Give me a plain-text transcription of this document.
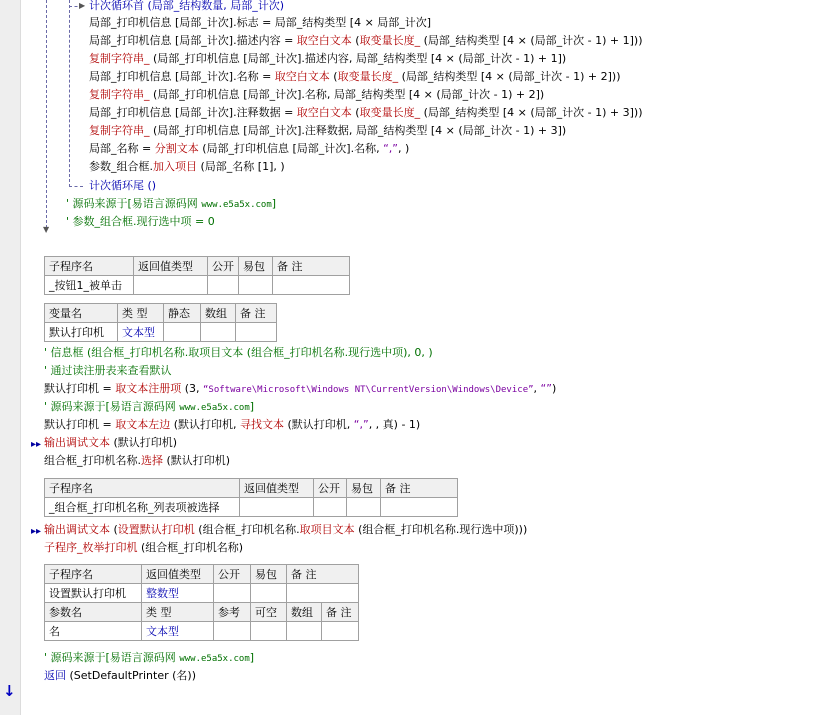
↓
▶
▼
计次循环首 (局部_结构数量, 局部_计次)
局部_打印机信息 [局部_计次].标志 = 局部_结构类型 [4 × 局部_计次]
局部_打印机信息 [局部_计次].描述内容 = 取空白文本 (取变量长度_ (局部_结构类型 [4 × (局部_计次 - 1) + 1]))
复制字符串_ (局部_打印机信息 [局部_计次].描述内容, 局部_结构类型 [4 × (局部_计次 - 1) + 1])
局部_打印机信息 [局部_计次].名称 = 取空白文本 (取变量长度_ (局部_结构类型 [4 × (局部_计次 - 1) + 2]))
复制字符串_ (局部_打印机信息 [局部_计次].名称, 局部_结构类型 [4 × (局部_计次 - 1) + 2])
局部_打印机信息 [局部_计次].注释数据 = 取空白文本 (取变量长度_ (局部_结构类型 [4 × (局部_计次 - 1) + 3]))
复制字符串_ (局部_打印机信息 [局部_计次].注释数据, 局部_结构类型 [4 × (局部_计次 - 1) + 3])
局部_名称 = 分割文本 (局部_打印机信息 [局部_计次].名称, “,”, )
参数_组合框.加入项目 (局部_名称 [1], )
计次循环尾 ()
' 源码来源于[易语言源码网 www.e5a5x.com]
' 参数_组合框.现行选中项 = 0
子程序名	返回值类型	公开	易包	备 注
_按钮1_被单击				
变量名	类 型	静态	数组	备 注
默认打印机	文本型			
' 信息框 (组合框_打印机名称.取项目文本 (组合框_打印机名称.现行选中项), 0, )
' 通过读注册表来查看默认
默认打印机 = 取文本注册项 (3, “Software\Microsoft\Windows NT\CurrentVersion\Windows\Device”, “”)
' 源码来源于[易语言源码网 www.e5a5x.com]
默认打印机 = 取文本左边 (默认打印机, 寻找文本 (默认打印机, “,”, , 真) - 1)
▸▸ 输出调试文本 (默认打印机)
组合框_打印机名称.选择 (默认打印机)
子程序名	返回值类型	公开	易包	备 注
_组合框_打印机名称_列表项被选择				
▸▸ 输出调试文本 (设置默认打印机 (组合框_打印机名称.取项目文本 (组合框_打印机名称.现行选中项)))
子程序_枚举打印机 (组合框_打印机名称)
子程序名	返回值类型	公开	易包	备 注	
设置默认打印机	整数型				
参数名	类 型	参考	可空	数组	备 注
名	文本型				
' 源码来源于[易语言源码网 www.e5a5x.com]
返回 (SetDefaultPrinter (名))
